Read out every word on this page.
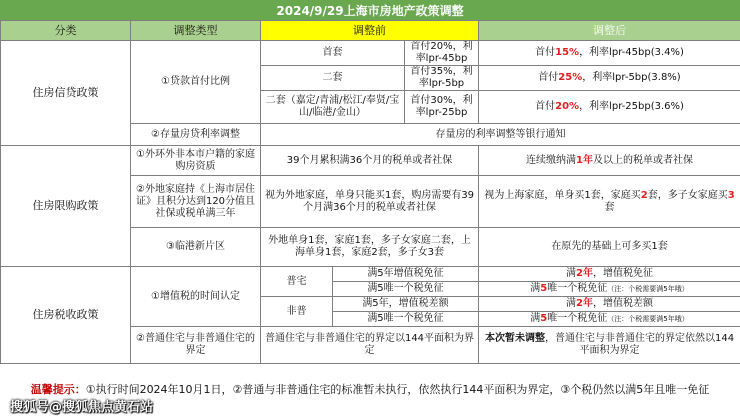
2024/9/29上海市房地产政策调整
分类	调整类型	调整前			调整后
住房信贷政策	①贷款首付比例	首套		首付20%，利率lpr-45bp	首付15%，利率lpr-45bp(3.4%)
		二套		首付35%，利率lpr-5bp	首付25%，利率lpr-5bp(3.8%)
		二套（嘉定/青浦/松江/奉贤/宝山/临港/金山）		首付30%，利率lpr-25bp	首付20%，利率lpr-25bp(3.6%)

	②存量房贷利率调整	存量房的利率调整等银行通知			
住房限购政策	①外环外非本市户籍的家庭购房资质	39个月累积满36个月的税单或者社保			连续缴纳满1年及以上的税单或者社保
	②外地家庭持《上海市居住证》且积分达到120分值且社保或税单满三年	视为外地家庭，单身只能买1套，购房需要有39个月满36个月的税单或者社保			视为上海家庭，单身买1套，家庭买2套，多子女家庭买3套
	③临港新片区	外地单身1套，家庭1套，多子女家庭二套，上海单身1套，家庭2套，多子女3套			在原先的基础上可多买1套
住房税收政策	①增值税的时间认定	普宅	满5年增值税免征		满2年，增值税免征
			满5唯一个税免征		满5唯一个税免征（注：个税需要满5年哦）
		非普	满5年，增值税差额		满2年，增值税差额
			满5唯一个税免征		满5唯一个税免征（注：个税需要满5年哦）
	②普通住宅与非普通住宅的界定	普通住宅与非普通住宅的界定以144平面积为界定			本次暂未调整，普通住宅与非普通住宅的界定依然以144平面积为界定
温馨提示：①执行时间2024年10月1日，②普通与非普通住宅的标准暂未执行，依然执行144平面积为界定，③个税仍然以满5年且唯一免征
搜狐号@搜狐焦点黄石站
